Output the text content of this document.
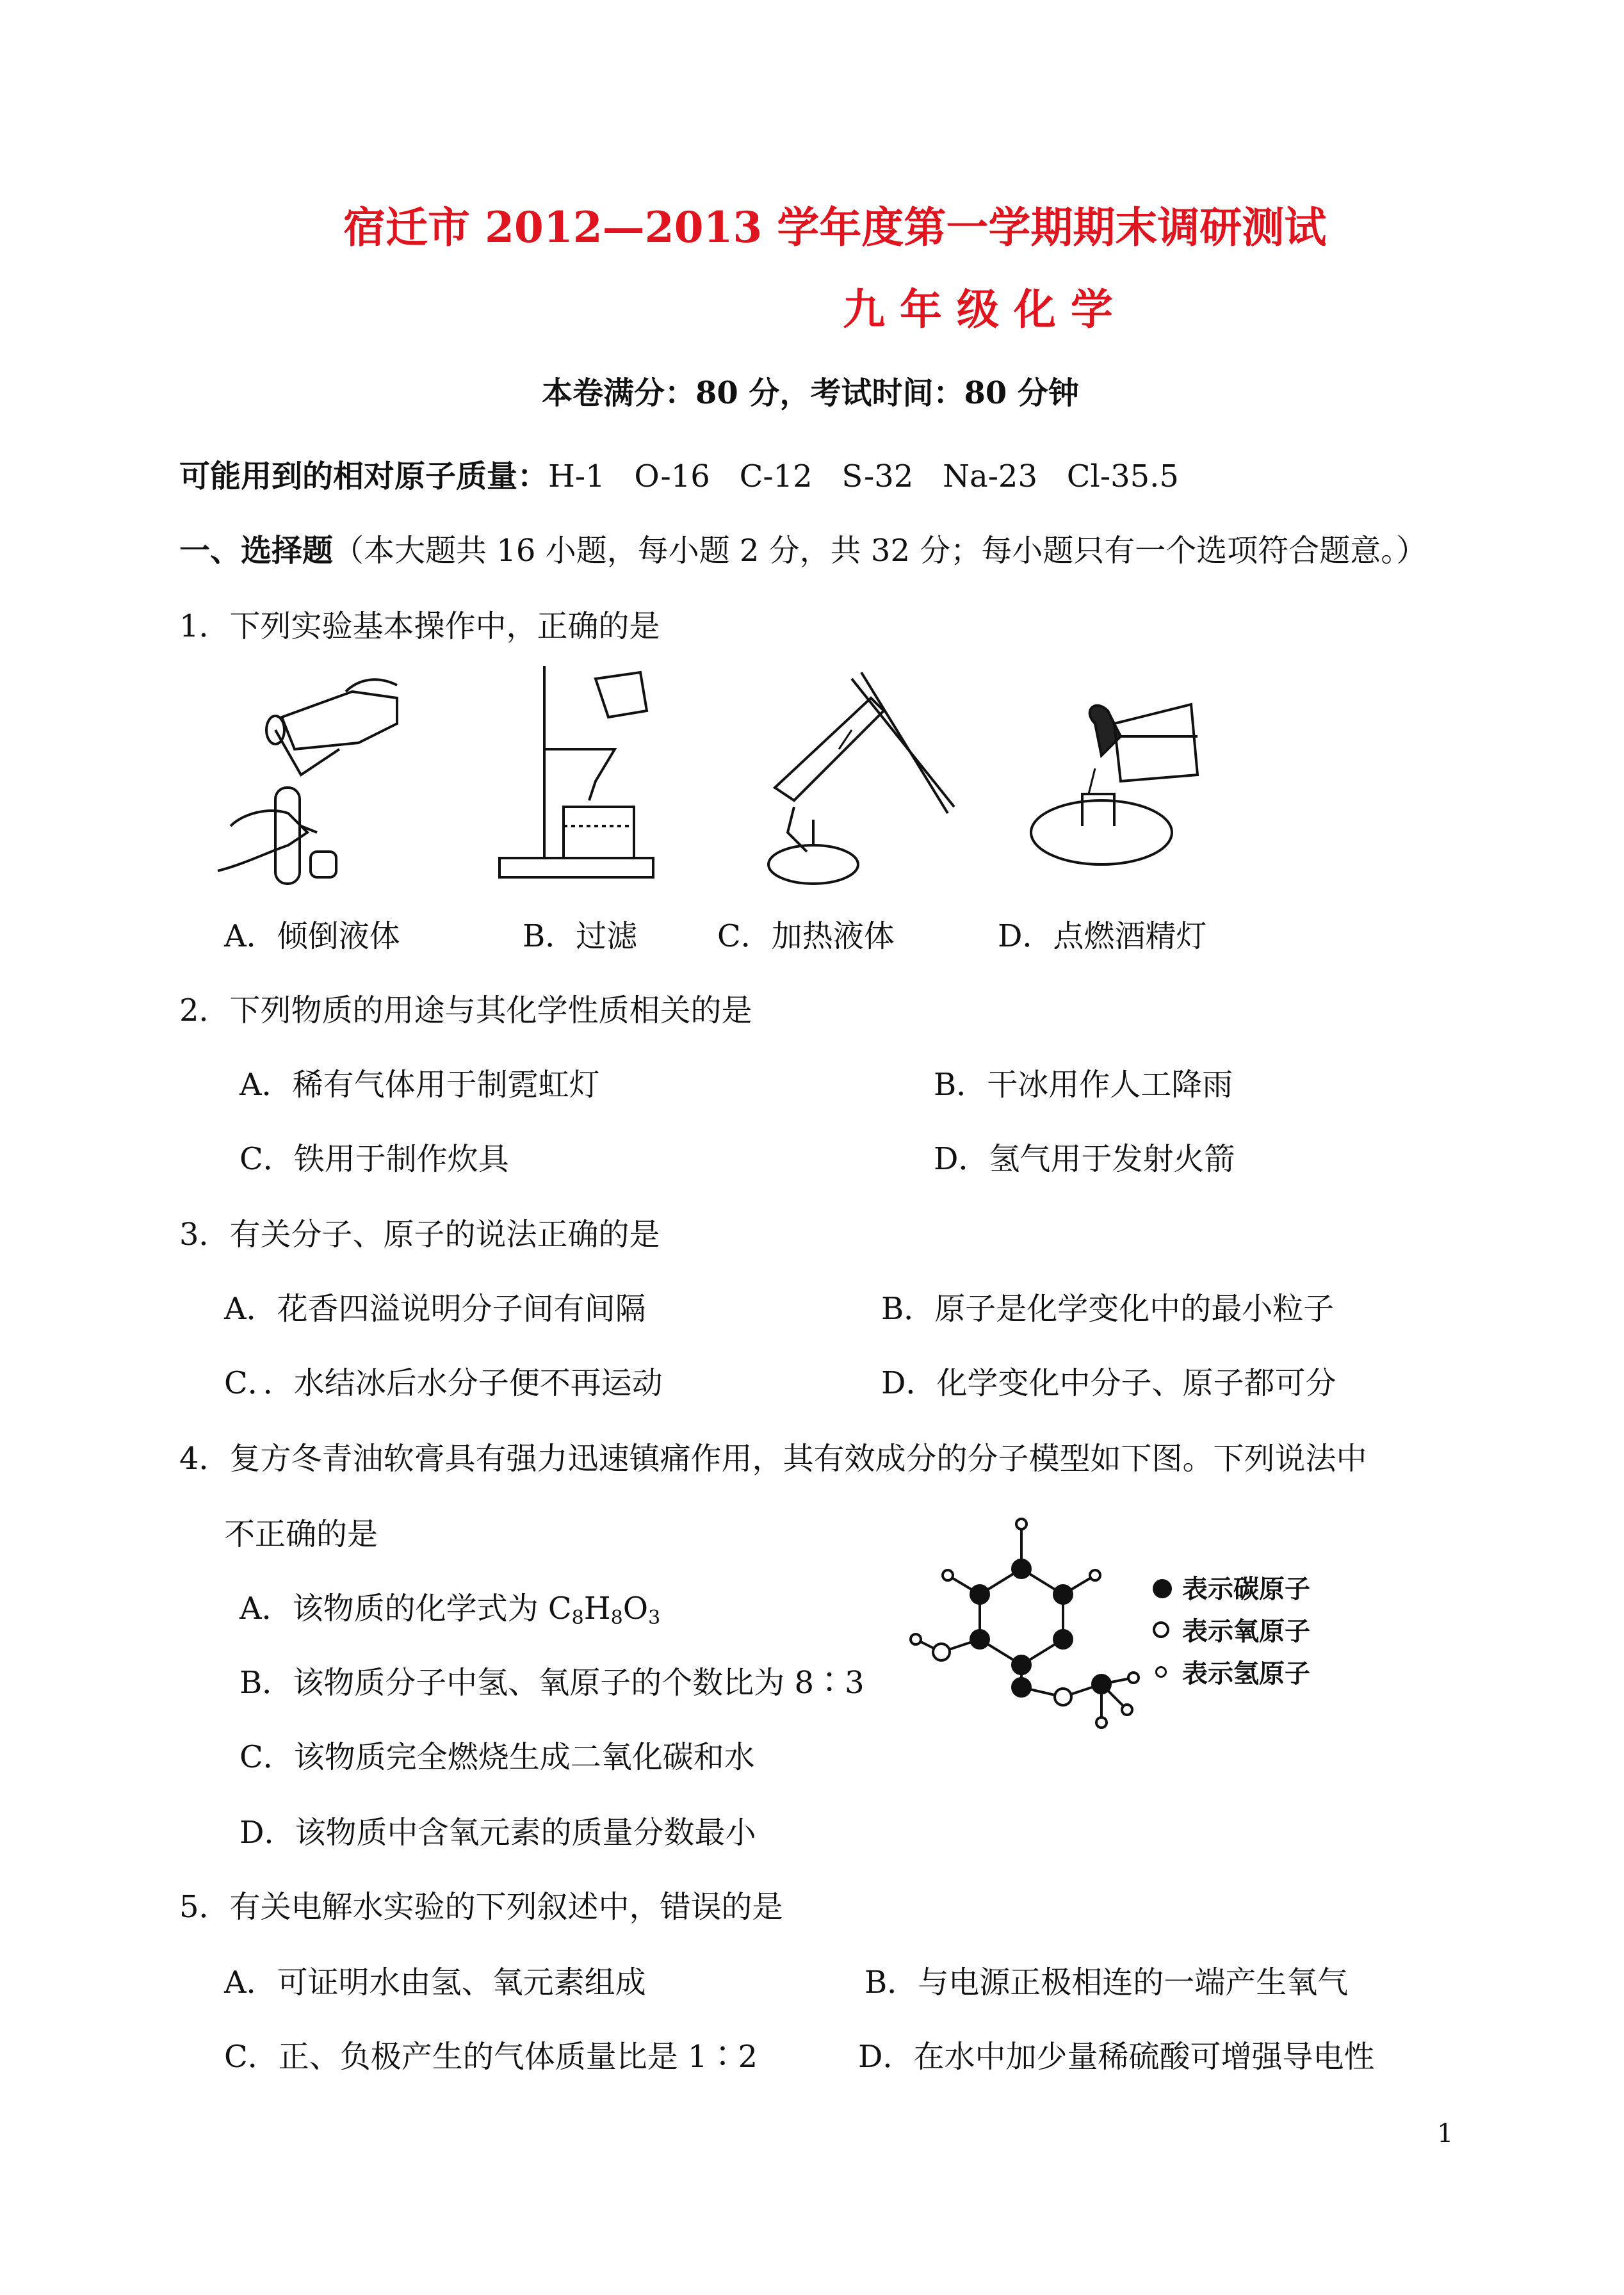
宿迁市 2012—2013 学年度第一学期期末调研测试
九 年 级 化 学
本卷满分：80 分，考试时间：80 分钟
可能用到的相对原子质量：H-1   O-16   C-12   S-32   Na-23   Cl-35.5
一、选择题（本大题共 16 小题，每小题 2 分，共 32 分；每小题只有一个选项符合题意。）
1．下列实验基本操作中，正确的是
A．倾倒液体	B．过滤	C．加热液体	D．点燃酒精灯
2．下列物质的用途与其化学性质相关的是
A．稀有气体用于制霓虹灯	B．干冰用作人工降雨
C．铁用于制作炊具	D．氢气用于发射火箭
3．有关分子、原子的说法正确的是
A．花香四溢说明分子间有间隔	B．原子是化学变化中的最小粒子
C．．水结冰后水分子便不再运动	D．化学变化中分子、原子都可分
4．复方冬青油软膏具有强力迅速镇痛作用，其有效成分的分子模型如下图。下列说法中
不正确的是
A．该物质的化学式为 $C_8H_8O_3$
B．该物质分子中氢、氧原子的个数比为 8∶3
C．该物质完全燃烧生成二氧化碳和水
D．该物质中含氧元素的质量分数最小
表示碳原子
表示氧原子
表示氢原子
5．有关电解水实验的下列叙述中，错误的是
A．可证明水由氢、氧元素组成	B．与电源正极相连的一端产生氧气
C．正、负极产生的气体质量比是 1∶2	D．在水中加少量稀硫酸可增强导电性
1
